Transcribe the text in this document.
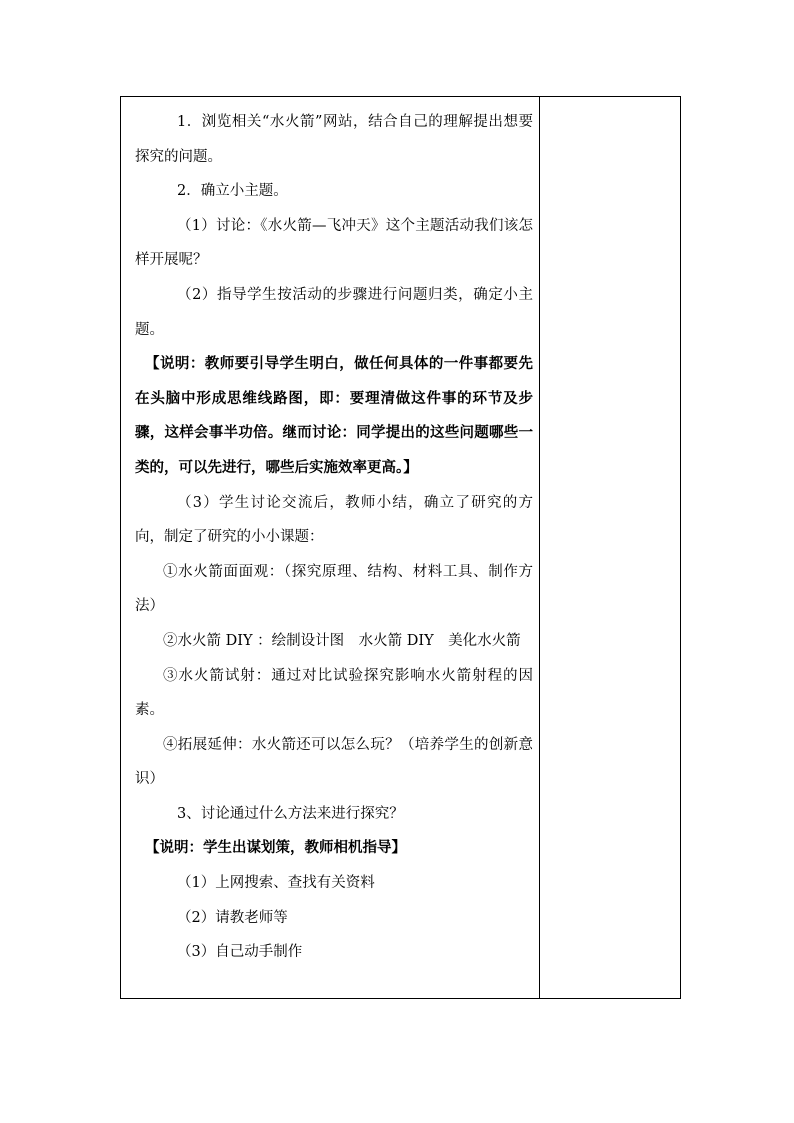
1．浏览相关“水火箭”网站，结合自己的理解提出想要探究的问题。

2．确立小主题。

（1）讨论：《水火箭—飞冲天》这个主题活动我们该怎样开展呢？

（2）指导学生按活动的步骤进行问题归类，确定小主题。

【说明：教师要引导学生明白，做任何具体的一件事都要先在头脑中形成思维线路图，即：要理清做这件事的环节及步骤，这样会事半功倍。继而讨论：同学提出的这些问题哪些一类的，可以先进行，哪些后实施效率更高。】

（3）学生讨论交流后，教师小结，确立了研究的方向，制定了研究的小小课题：

①水火箭面面观：（探究原理、结构、材料工具、制作方法）

②水火箭 DIY ：绘制设计图　水火箭 DIY　美化水火箭

③水火箭试射：通过对比试验探究影响水火箭射程的因素。

④拓展延伸：水火箭还可以怎么玩？（培养学生的创新意识）

3、讨论通过什么方法来进行探究？

【说明：学生出谋划策，教师相机指导】

（1）上网搜索、查找有关资料

（2）请教老师等

（3）自己动手制作
